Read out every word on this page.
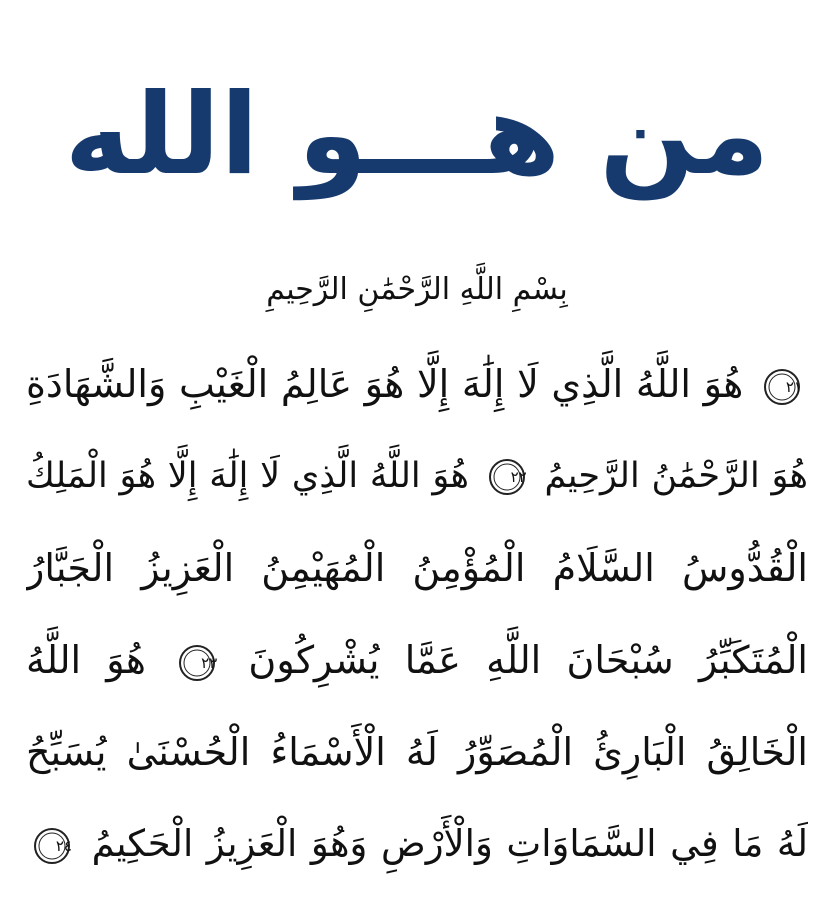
من هـــو الله
بِسْمِ اللَّهِ الرَّحْمَٰنِ الرَّحِيمِ
٢١
هُوَ اللَّهُ الَّذِي لَا إِلَٰهَ إِلَّا هُوَ عَالِمُ الْغَيْبِ وَالشَّهَادَةِ
هُوَ الرَّحْمَٰنُ الرَّحِيمُ
٢٢
هُوَ اللَّهُ الَّذِي لَا إِلَٰهَ إِلَّا هُوَ الْمَلِكُ
الْقُدُّوسُ السَّلَامُ الْمُؤْمِنُ الْمُهَيْمِنُ الْعَزِيزُ الْجَبَّارُ
الْمُتَكَبِّرُ سُبْحَانَ اللَّهِ عَمَّا يُشْرِكُونَ
٢٣
هُوَ اللَّهُ
الْخَالِقُ الْبَارِئُ الْمُصَوِّرُ لَهُ الْأَسْمَاءُ الْحُسْنَىٰ يُسَبِّحُ
لَهُ مَا فِي السَّمَاوَاتِ وَالْأَرْضِ وَهُوَ الْعَزِيزُ الْحَكِيمُ
٢٤
